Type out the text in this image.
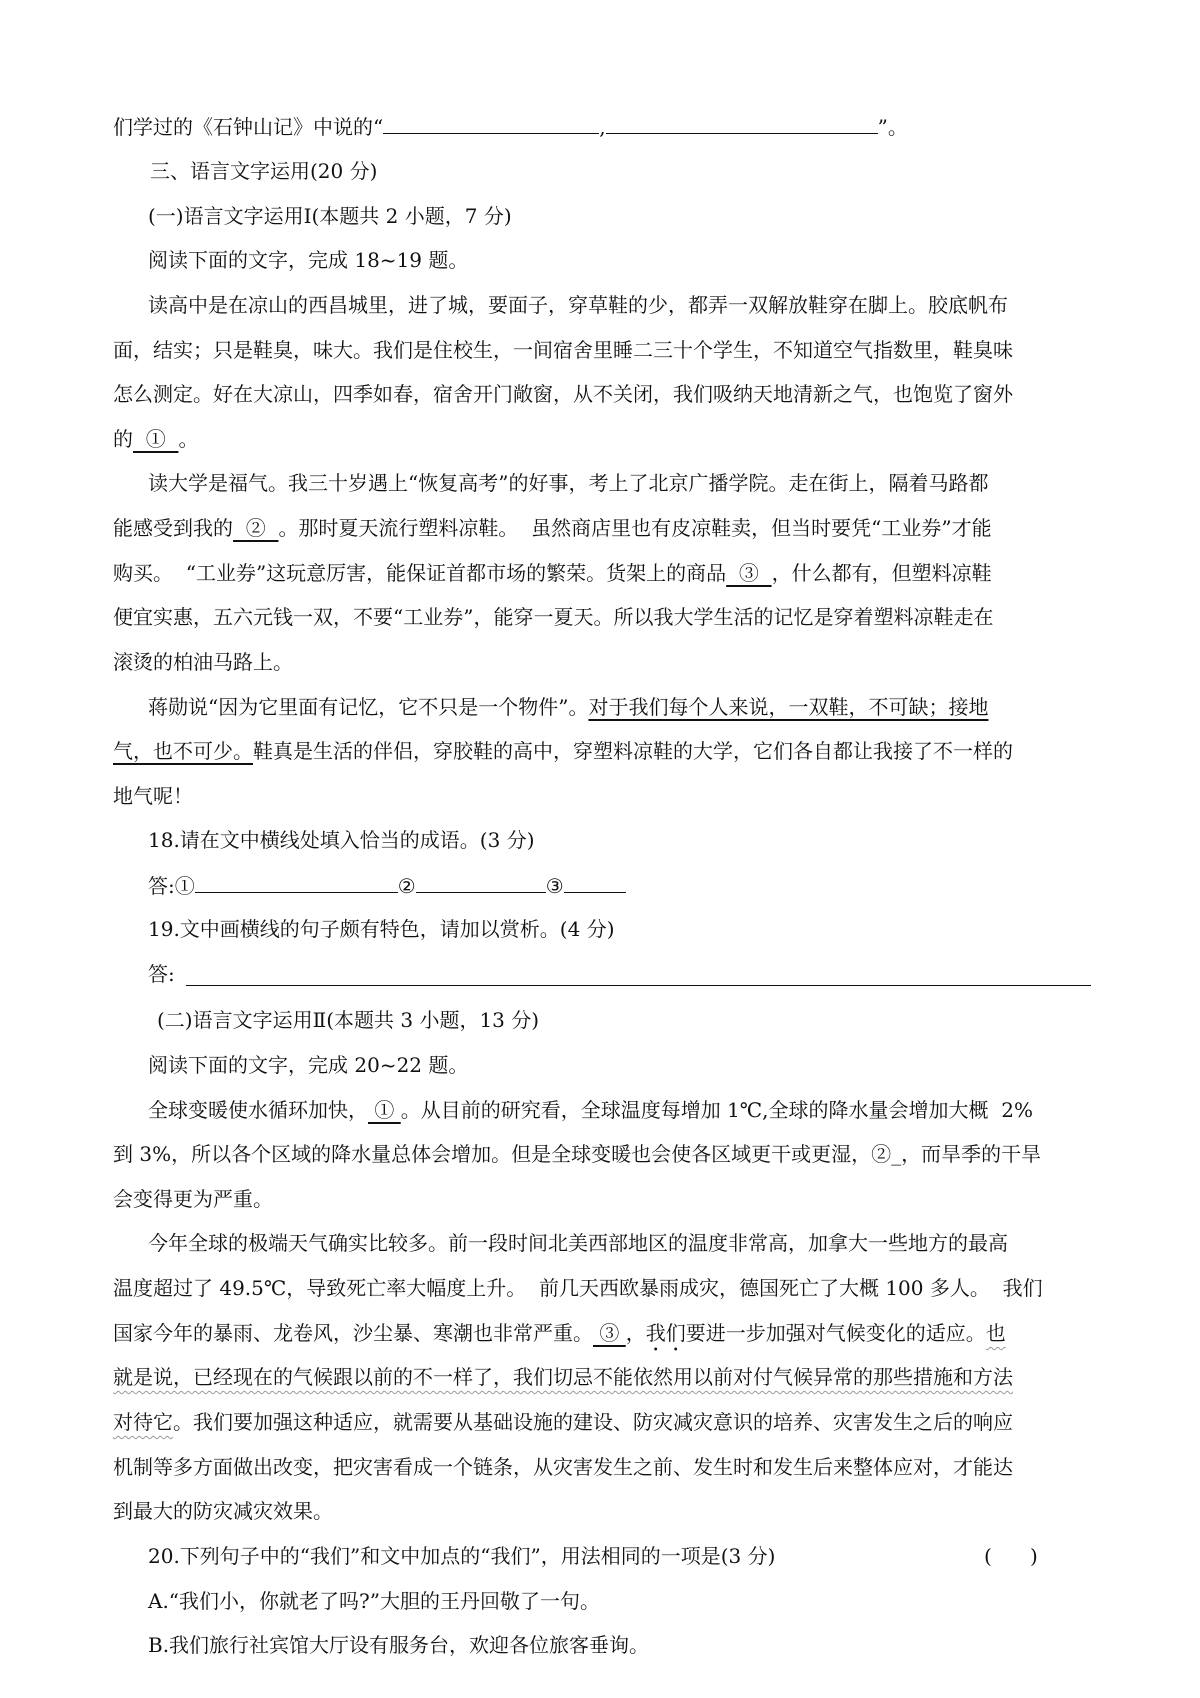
们学过的《石钟山记》中说的“	,	”。
三、语言文字运用(20 分)
(一)语言文字运用Ⅰ(本题共 2 小题，7 分)
阅读下面的文字，完成 18~19 题。
读高中是在凉山的西昌城里，进了城，要面子，穿草鞋的少，都弄一双解放鞋穿在脚上。胶底帆布
面，结实；只是鞋臭，味大。我们是住校生，一间宿舍里睡二三十个学生，不知道空气指数里，鞋臭味
怎么测定。好在大凉山，四季如春，宿舍开门敞窗，从不关闭，我们吸纳天地清新之气，也饱览了窗外
的  ①  。
读大学是福气。我三十岁遇上“恢复高考”的好事，考上了北京广播学院。走在街上，隔着马路都
能感受到我的  ②  。那时夏天流行塑料凉鞋。  虽然商店里也有皮凉鞋卖，但当时要凭“工业券”才能
购买。  “工业券”这玩意厉害，能保证首都市场的繁荣。货架上的商品  ③  ，什么都有，但塑料凉鞋
便宜实惠，五六元钱一双，不要“工业券”，能穿一夏天。所以我大学生活的记忆是穿着塑料凉鞋走在
滚烫的柏油马路上。
蒋勋说“因为它里面有记忆，它不只是一个物件”。对于我们每个人来说，一双鞋，不可缺；接地
气，也不可少。鞋真是生活的伴侣，穿胶鞋的高中，穿塑料凉鞋的大学，它们各自都让我接了不一样的
地气呢！
18.请在文中横线处填入恰当的成语。(3 分)
答:①	②	③
19.文中画横线的句子颇有特色，请加以赏析。(4 分)
答:
(二)语言文字运用Ⅱ(本题共 3 小题，13 分)
阅读下面的文字，完成 20~22 题。
全球变暖使水循环加快， ① 。从目前的研究看，全球温度每增加 1℃,全球的降水量会增加大概  2%
到 3%，所以各个区域的降水量总体会增加。但是全球变暖也会使各区域更干或更湿，②_，而旱季的干旱
会变得更为严重。
今年全球的极端天气确实比较多。前一段时间北美西部地区的温度非常高，加拿大一些地方的最高
温度超过了 49.5℃，导致死亡率大幅度上升。  前几天西欧暴雨成灾，德国死亡了大概 100 多人。  我们
国家今年的暴雨、龙卷风，沙尘暴、寒潮也非常严重。 ③ ，我们要进一步加强对气候变化的适应。也
就是说，已经现在的气候跟以前的不一样了，我们切忌不能依然用以前对付气候异常的那些措施和方法
对待它。我们要加强这种适应，就需要从基础设施的建设、防灾减灾意识的培养、灾害发生之后的响应
机制等多方面做出改变，把灾害看成一个链条，从灾害发生之前、发生时和发生后来整体应对，才能达
到最大的防灾减灾效果。
20.下列句子中的“我们”和文中加点的“我们”，用法相同的一项是(3 分)	(      )
A.“我们小，你就老了吗?”大胆的王丹回敬了一句。
B.我们旅行社宾馆大厅设有服务台，欢迎各位旅客垂询。
